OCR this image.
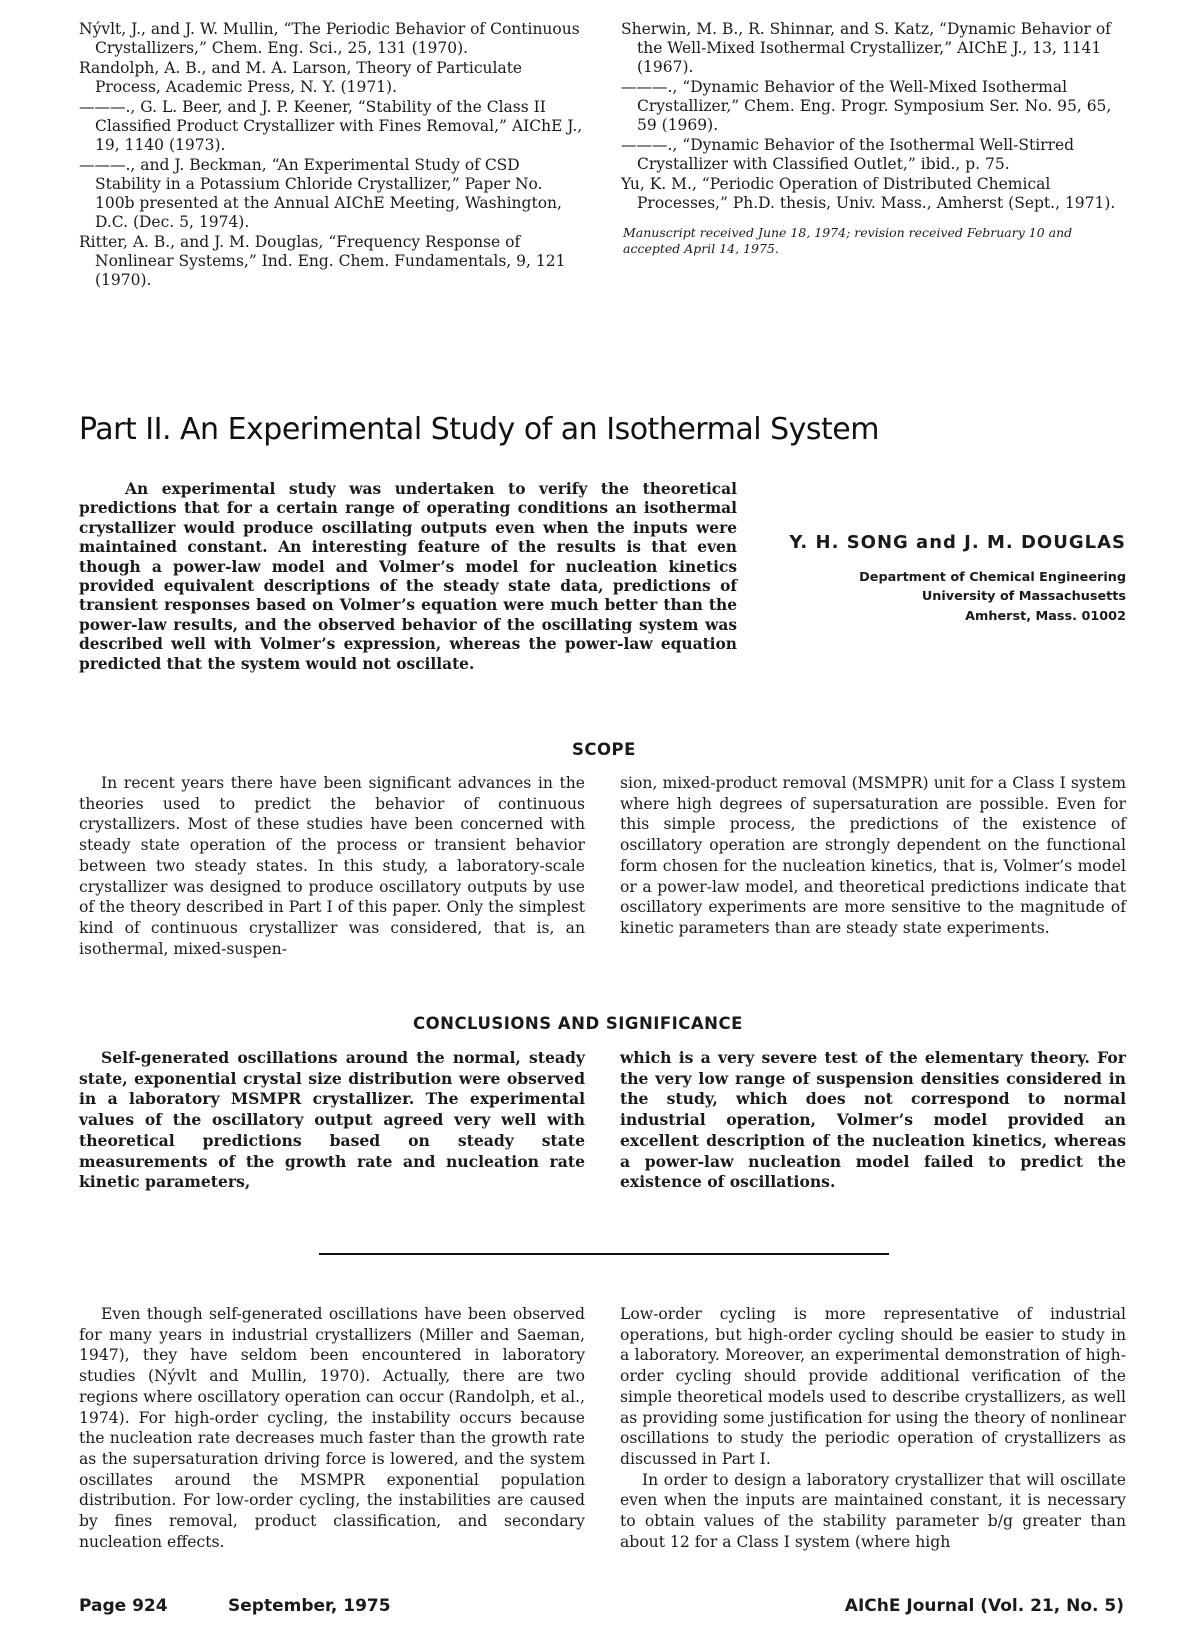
Nývlt, J., and J. W. Mullin, “The Periodic Behavior of Continuous Crystallizers,” Chem. Eng. Sci., 25, 131 (1970).
Randolph, A. B., and M. A. Larson, Theory of Particulate Process, Academic Press, N. Y. (1971).
———., G. L. Beer, and J. P. Keener, “Stability of the Class II Classified Product Crystallizer with Fines Removal,” AIChE J., 19, 1140 (1973).
———., and J. Beckman, “An Experimental Study of CSD Stability in a Potassium Chloride Crystallizer,” Paper No. 100b presented at the Annual AIChE Meeting, Washington, D.C. (Dec. 5, 1974).
Ritter, A. B., and J. M. Douglas, “Frequency Response of Nonlinear Systems,” Ind. Eng. Chem. Fundamentals, 9, 121 (1970).
Sherwin, M. B., R. Shinnar, and S. Katz, “Dynamic Behavior of the Well-Mixed Isothermal Crystallizer,” AIChE J., 13, 1141 (1967).
———., “Dynamic Behavior of the Well-Mixed Isothermal Crystallizer,” Chem. Eng. Progr. Symposium Ser. No. 95, 65, 59 (1969).
———., “Dynamic Behavior of the Isothermal Well-Stirred Crystallizer with Classified Outlet,” ibid., p. 75.
Yu, K. M., “Periodic Operation of Distributed Chemical Processes,” Ph.D. thesis, Univ. Mass., Amherst (Sept., 1971).
Manuscript received June 18, 1974; revision received February 10 and accepted April 14, 1975.
Part II. An Experimental Study of an Isothermal System

An experimental study was undertaken to verify the theoretical predictions that for a certain range of operating conditions an isothermal crystallizer would produce oscillating outputs even when the inputs were maintained constant. An interesting feature of the results is that even though a power-law model and Volmer’s model for nucleation kinetics provided equivalent descriptions of the steady state data, predictions of transient responses based on Volmer’s equation were much better than the power-law results, and the observed behavior of the oscillating system was described well with Volmer’s expression, whereas the power-law equation predicted that the system would not oscillate.

Y. H. SONG and J. M. DOUGLAS
Department of Chemical Engineering
University of Massachusetts
Amherst, Mass. 01002
SCOPE

In recent years there have been significant advances in the theories used to predict the behavior of continuous crystallizers. Most of these studies have been concerned with steady state operation of the process or transient behavior between two steady states. In this study, a laboratory-scale crystallizer was designed to produce oscillatory outputs by use of the theory described in Part I of this paper. Only the simplest kind of continuous crystallizer was considered, that is, an isothermal, mixed-suspen-

sion, mixed-product removal (MSMPR) unit for a Class I system where high degrees of supersaturation are possible. Even for this simple process, the predictions of the existence of oscillatory operation are strongly dependent on the functional form chosen for the nucleation kinetics, that is, Volmer’s model or a power-law model, and theoretical predictions indicate that oscillatory experiments are more sensitive to the magnitude of kinetic parameters than are steady state experiments.

CONCLUSIONS AND SIGNIFICANCE

Self-generated oscillations around the normal, steady state, exponential crystal size distribution were observed in a laboratory MSMPR crystallizer. The experimental values of the oscillatory output agreed very well with theoretical predictions based on steady state measurements of the growth rate and nucleation rate kinetic parameters,

which is a very severe test of the elementary theory. For the very low range of suspension densities considered in the study, which does not correspond to normal industrial operation, Volmer’s model provided an excellent description of the nucleation kinetics, whereas a power-law nucleation model failed to predict the existence of oscillations.

Even though self-generated oscillations have been observed for many years in industrial crystallizers (Miller and Saeman, 1947), they have seldom been encountered in laboratory studies (Nývlt and Mullin, 1970). Actually, there are two regions where oscillatory operation can occur (Randolph, et al., 1974). For high-order cycling, the instability occurs because the nucleation rate decreases much faster than the growth rate as the supersaturation driving force is lowered, and the system oscillates around the MSMPR exponential population distribution. For low-order cycling, the instabilities are caused by fines removal, product classification, and secondary nucleation effects.

Low-order cycling is more representative of industrial operations, but high-order cycling should be easier to study in a laboratory. Moreover, an experimental demonstration of high-order cycling should provide additional verification of the simple theoretical models used to describe crystallizers, as well as providing some justification for using the theory of nonlinear oscillations to study the periodic operation of crystallizers as discussed in Part I.

In order to design a laboratory crystallizer that will oscillate even when the inputs are maintained constant, it is necessary to obtain values of the stability parameter b/g greater than about 12 for a Class I system (where high

Page 924	September, 1975	AIChE Journal (Vol. 21, No. 5)
